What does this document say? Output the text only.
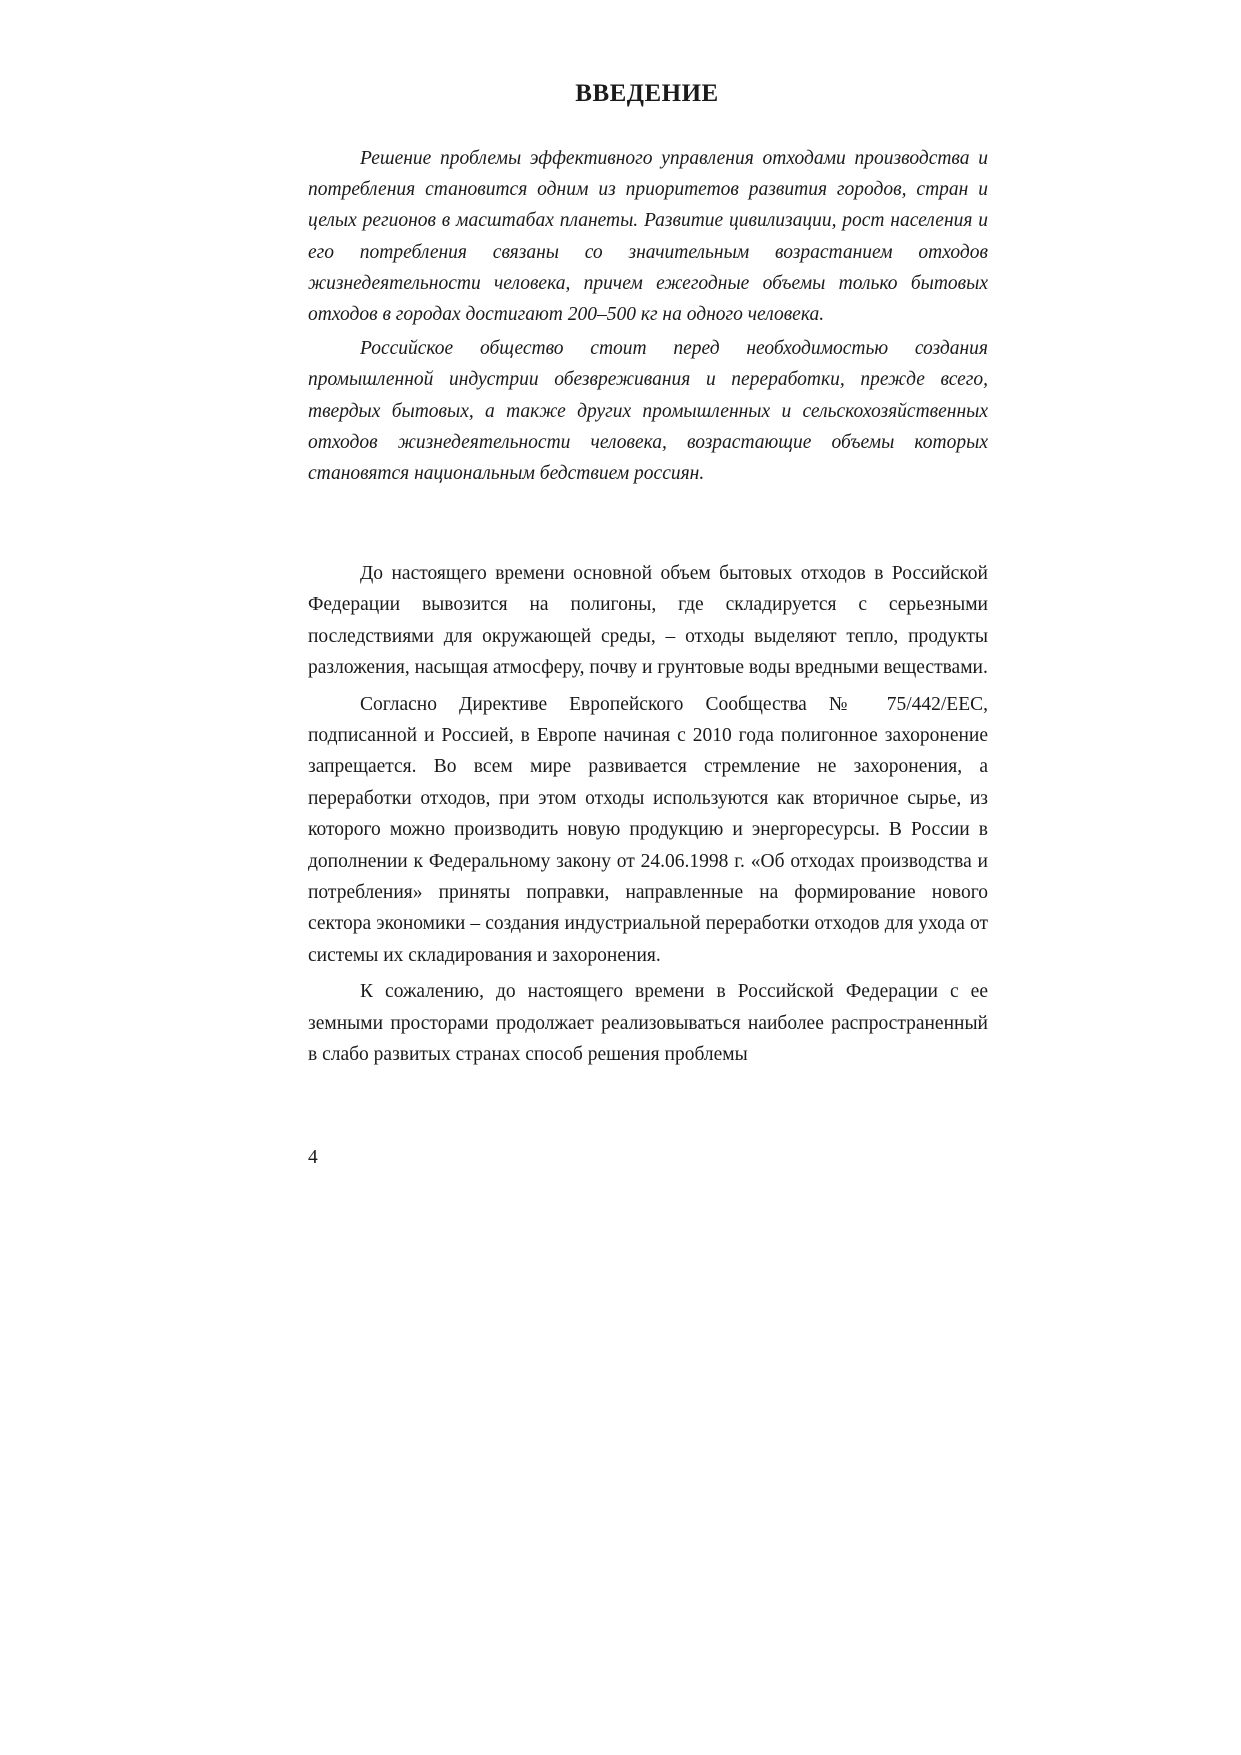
ВВЕДЕНИЕ

Решение проблемы эффективного управления отходами производства и потребления становится одним из приоритетов развития городов, стран и целых регионов в масштабах планеты. Развитие цивилизации, рост населения и его потребления связаны со значительным возрастанием отходов жизнедеятельности человека, причем ежегодные объемы только бытовых отходов в городах достигают 200–500 кг на одного человека.

Российское общество стоит перед необходимостью создания промышленной индустрии обезвреживания и переработки, прежде всего, твердых бытовых, а также других промышленных и сельскохозяйственных отходов жизнедеятельности человека, возрастающие объемы которых становятся национальным бедствием россиян.

До настоящего времени основной объем бытовых отходов в Российской Федерации вывозится на полигоны, где складируется с серьезными последствиями для окружающей среды, – отходы выделяют тепло, продукты разложения, насыщая атмосферу, почву и грунтовые воды вредными веществами.

Согласно Директиве Европейского Сообщества № 75/442/ЕЕС, подписанной и Россией, в Европе начиная с 2010 года полигонное захоронение запрещается. Во всем мире развивается стремление не захоронения, а переработки отходов, при этом отходы используются как вторичное сырье, из которого можно производить новую продукцию и энергоресурсы. В России в дополнении к Федеральному закону от 24.06.1998 г. «Об отходах производства и потребления» приняты поправки, направленные на формирование нового сектора экономики – создания индустриальной переработки отходов для ухода от системы их складирования и захоронения.

К сожалению, до настоящего времени в Российской Федерации с ее земными просторами продолжает реализовываться наиболее распространенный в слабо развитых странах способ решения проблемы

4
